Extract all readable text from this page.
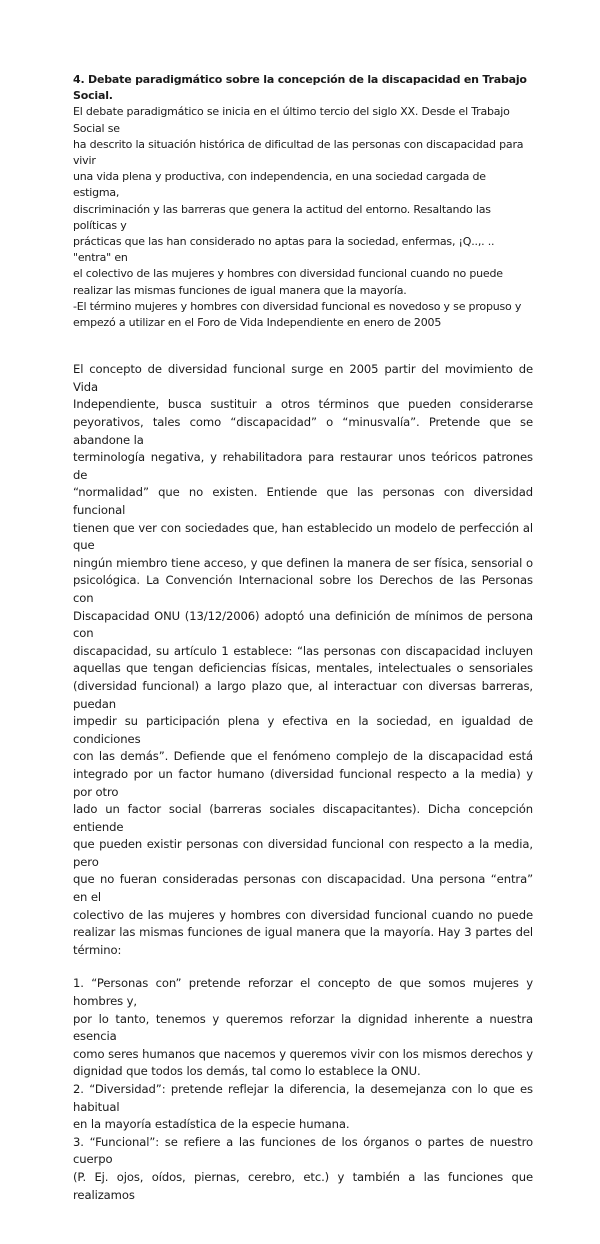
4. Debate paradigmático sobre la concepción de la discapacidad en Trabajo Social.
El debate paradigmático se inicia en el último tercio del siglo XX. Desde el Trabajo Social se
ha descrito la situación histórica de dificultad de las personas con discapacidad para vivir
una vida plena y productiva, con independencia, en una sociedad cargada de estigma,
discriminación y las barreras que genera la actitud del entorno. Resaltando las políticas y
prácticas que las han considerado no aptas para la sociedad, enfermas, ¡Q..,. .. "entra" en
el colectivo de las mujeres y hombres con diversidad funcional cuando no puede
realizar las mismas funciones de igual manera que la mayoría.
-El término mujeres y hombres con diversidad funcional es novedoso y se propuso y
empezó a utilizar en el Foro de Vida Independiente en enero de 2005
El concepto de diversidad funcional surge en 2005 partir del movimiento de Vida
Independiente, busca sustituir a otros términos que pueden considerarse
peyorativos, tales como “discapacidad” o “minusvalía”. Pretende que se abandone la
terminología negativa, y rehabilitadora para restaurar unos teóricos patrones de
“normalidad” que no existen. Entiende que las personas con diversidad funcional
tienen que ver con sociedades que, han establecido un modelo de perfección al que
ningún miembro tiene acceso, y que definen la manera de ser física, sensorial o
psicológica. La Convención Internacional sobre los Derechos de las Personas con
Discapacidad ONU (13/12/2006) adoptó una definición de mínimos de persona con
discapacidad, su artículo 1 establece: “las personas con discapacidad incluyen
aquellas que tengan deficiencias físicas, mentales, intelectuales o sensoriales
(diversidad funcional) a largo plazo que, al interactuar con diversas barreras, puedan
impedir su participación plena y efectiva en la sociedad, en igualdad de condiciones
con las demás”. Defiende que el fenómeno complejo de la discapacidad está
integrado por un factor humano (diversidad funcional respecto a la media) y por otro
lado un factor social (barreras sociales discapacitantes). Dicha concepción entiende
que pueden existir personas con diversidad funcional con respecto a la media, pero
que no fueran consideradas personas con discapacidad. Una persona “entra” en el
colectivo de las mujeres y hombres con diversidad funcional cuando no puede
realizar las mismas funciones de igual manera que la mayoría. Hay 3 partes del
término:
1. “Personas con” pretende reforzar el concepto de que somos mujeres y hombres y,
por lo tanto, tenemos y queremos reforzar la dignidad inherente a nuestra esencia
como seres humanos que nacemos y queremos vivir con los mismos derechos y
dignidad que todos los demás, tal como lo establece la ONU.
2. “Diversidad”: pretende reflejar la diferencia, la desemejanza con lo que es habitual
en la mayoría estadística de la especie humana.
3. “Funcional”: se refiere a las funciones de los órganos o partes de nuestro cuerpo
(P. Ej. ojos, oídos, piernas, cerebro, etc.) y también a las funciones que realizamos
